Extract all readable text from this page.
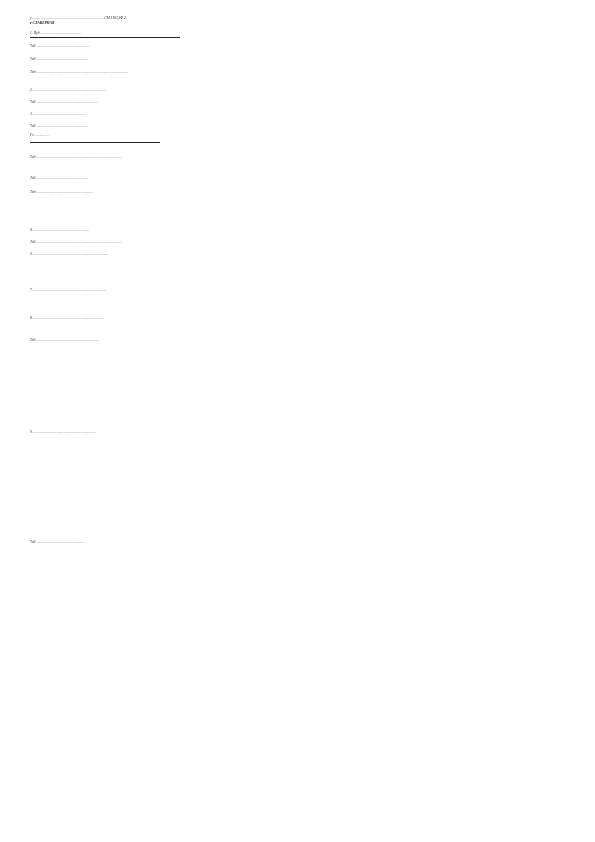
у ............................................................................... СМ I ЕЦ ЗФ 2,
ё СЛАВЕРНАЯ
1. Пуд .............................................
Тод ............................................................
Тод ..........................................................
Тод ......................................................................................................
2. .................................................................................
Тод .....................................................................
3. .........................................................
Тод .........................................................
Гл ................
Тод ...............................................................................................
Тод ..........................................................
Тод ...............................................................
4. ..............................................................
Тод ...............................................................................................
5. ...................................................................................
7. ..................................................................................
8. ...............................................................................
Тод ......................................................................
9. .....................................................................
Тод ......................................................
